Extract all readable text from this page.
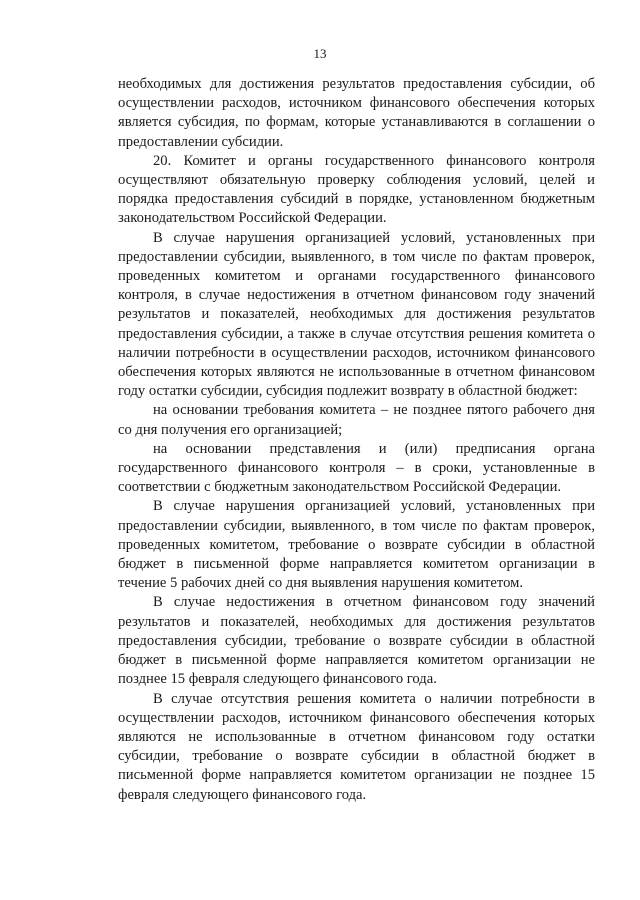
13

необходимых для достижения результатов предоставления субсидии, об осуществлении расходов, источником финансового обеспечения которых является субсидия, по формам, которые устанавливаются в соглашении о предоставлении субсидии.

20. Комитет и органы государственного финансового контроля осуществляют обязательную проверку соблюдения условий, целей и порядка предоставления субсидий в порядке, установленном бюджетным законодательством Российской Федерации.

В случае нарушения организацией условий, установленных при предоставлении субсидии, выявленного, в том числе по фактам проверок, проведенных комитетом и органами государственного финансового контроля, в случае недостижения в отчетном финансовом году значений результатов и показателей, необходимых для достижения результатов предоставления субсидии, а также в случае отсутствия решения комитета о наличии потребности в осуществлении расходов, источником финансового обеспечения которых являются не использованные в отчетном финансовом году остатки субсидии, субсидия подлежит возврату в областной бюджет:

на основании требования комитета – не позднее пятого рабочего дня со дня получения его организацией;

на основании представления и (или) предписания органа государственного финансового контроля – в сроки, установленные в соответствии с бюджетным законодательством Российской Федерации.

В случае нарушения организацией условий, установленных при предоставлении субсидии, выявленного, в том числе по фактам проверок, проведенных комитетом, требование о возврате субсидии в областной бюджет в письменной форме направляется комитетом организации в течение 5 рабочих дней со дня выявления нарушения комитетом.

В случае недостижения в отчетном финансовом году значений результатов и показателей, необходимых для достижения результатов предоставления субсидии, требование о возврате субсидии в областной бюджет в письменной форме направляется комитетом организации не позднее 15 февраля следующего финансового года.

В случае отсутствия решения комитета о наличии потребности в осуществлении расходов, источником финансового обеспечения которых являются не использованные в отчетном финансовом году остатки субсидии, требование о возврате субсидии в областной бюджет в письменной форме направляется комитетом организации не позднее 15 февраля следующего финансового года.
